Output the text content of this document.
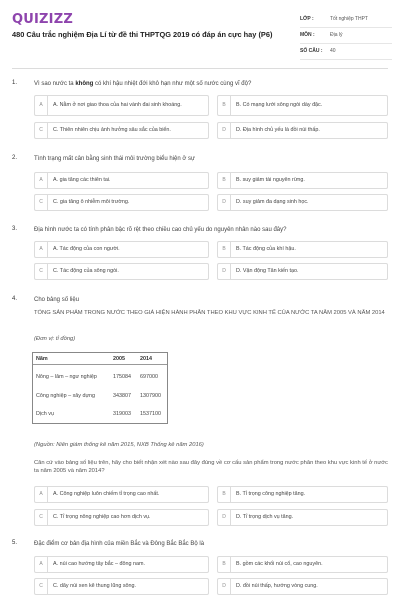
QUIZIZZ
480 Câu trắc nghiệm Địa Lí từ đề thi THPTQG 2019 có đáp án cực hay (P6)
LỚP :	Tốt nghiệp THPT
MÔN :	Địa lý
SỐ CÂU :	40
1.	Vì sao nước ta không có khí hậu nhiệt đới khô hạn như một số nước cùng vĩ độ?
A	A. Nằm ở nơi giao thoa của hai vành đai sinh khoáng.	B	B. Có mạng lưới sông ngòi dày đặc.
C	C. Thiên nhiên chịu ảnh hưởng sâu sắc của biển.	D	D. Địa hình chủ yếu là đồi núi thấp.
2.	Tình trạng mất cân bằng sinh thái môi trường biểu hiện ở sự
A	A. gia tăng các thiên tai.	B	B. suy giảm tài nguyên rừng.
C	C. gia tăng ô nhiễm môi trường.	D	D. suy giảm đa dạng sinh học.
3.	Địa hình nước ta có tính phân bậc rõ rệt theo chiều cao chủ yếu do nguyên nhân nào sau đây?
A	A. Tác động của con người.	B	B. Tác động của khí hậu.
C	C. Tác động của sông ngòi.	D	D. Vận động Tân kiến tạo.
4.	Cho bảng số liệu
TỔNG SẢN PHẨM TRONG NƯỚC THEO GIÁ HIỆN HÀNH PHÂN THEO KHU VỰC KINH TẾ CỦA NƯỚC TA NĂM 2005 VÀ NĂM 2014
(Đơn vị: tỉ đồng)
Năm	2005	2014
Nông – lâm – ngư nghiệp	175084	697000
Công nghiệp – xây dựng	343807	1307900
Dịch vụ	319003	1537100
(Nguồn: Niên giám thống kê năm 2015, NXB Thống kê năm 2016)
Căn cứ vào bảng số liệu trên, hãy cho biết nhận xét nào sau đây đúng về cơ cấu sản phẩm trong nước phân theo khu vực kinh tế ở nước ta năm 2005 và năm 2014?
A	A. Công nghiệp luôn chiếm tỉ trọng cao nhất.	B	B. Tỉ trọng công nghiệp tăng.
C	C. Tỉ trọng nông nghiệp cao hơn dịch vụ.	D	D. Tỉ trọng dịch vụ tăng.
5.	Đặc điểm cơ bản địa hình của miền Bắc và Đông Bắc Bắc Bộ là
A	A. núi cao hướng tây bắc – đông nam.	B	B. gồm các khối núi cổ, cao nguyên.
C	C. dãy núi xen kẽ thung lũng sông.	D	D. đồi núi thấp, hướng vòng cung.
